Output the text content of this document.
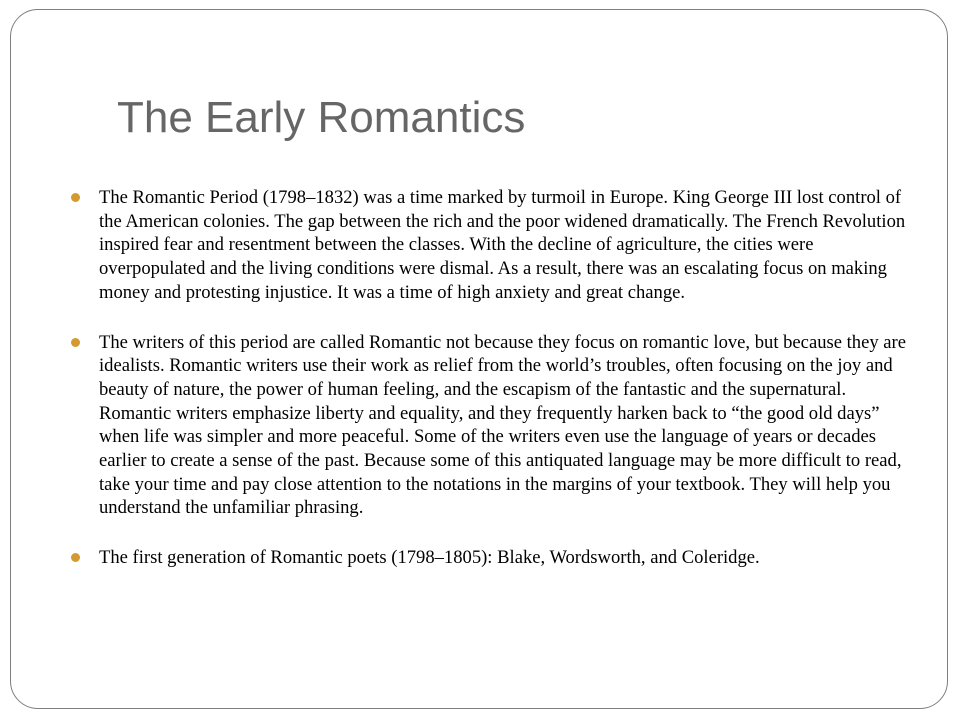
The Early Romantics
The Romantic Period (1798–1832) was a time marked by turmoil in Europe. King George III lost control of the American colonies. The gap between the rich and the poor widened dramatically. The French Revolution inspired fear and resentment between the classes. With the decline of agriculture, the cities were overpopulated and the living conditions were dismal. As a result, there was an escalating focus on making money and protesting injustice. It was a time of high anxiety and great change.
The writers of this period are called Romantic not because they focus on romantic love, but because they are idealists. Romantic writers use their work as relief from the world’s troubles, often focusing on the joy and beauty of nature, the power of human feeling, and the escapism of the fantastic and the supernatural. Romantic writers emphasize liberty and equality, and they frequently harken back to “the good old days” when life was simpler and more peaceful. Some of the writers even use the language of years or decades earlier to create a sense of the past. Because some of this antiquated language may be more difficult to read, take your time and pay close attention to the notations in the margins of your textbook. They will help you understand the unfamiliar phrasing.
The first generation of Romantic poets (1798–1805): Blake, Wordsworth, and Coleridge.
